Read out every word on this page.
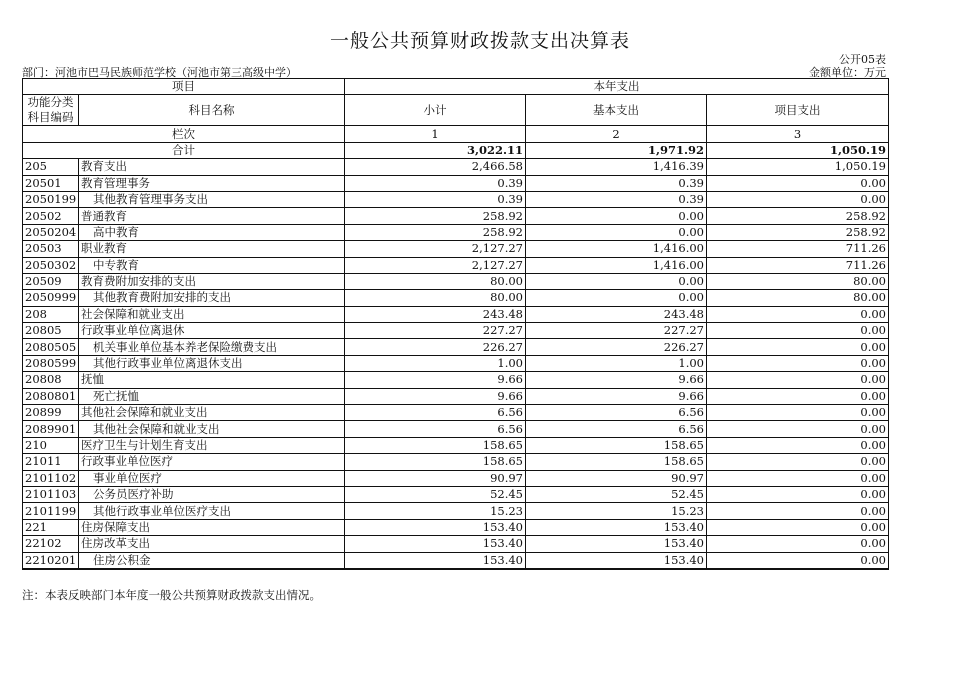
一般公共预算财政拨款支出决算表
公开05表
部门：河池市巴马民族师范学校（河池市第三高级中学）	金额单位：万元
项目		本年支出		
功能分类科目编码	科目名称	小计	基本支出	项目支出
栏次		1	2	3
合计		3,022.11	1,971.92	1,050.19
205	教育支出	2,466.58	1,416.39	1,050.19
20501	教育管理事务	0.39	0.39	0.00
2050199	其他教育管理事务支出	0.39	0.39	0.00
20502	普通教育	258.92	0.00	258.92
2050204	高中教育	258.92	0.00	258.92
20503	职业教育	2,127.27	1,416.00	711.26
2050302	中专教育	2,127.27	1,416.00	711.26
20509	教育费附加安排的支出	80.00	0.00	80.00
2050999	其他教育费附加安排的支出	80.00	0.00	80.00
208	社会保障和就业支出	243.48	243.48	0.00
20805	行政事业单位离退休	227.27	227.27	0.00
2080505	机关事业单位基本养老保险缴费支出	226.27	226.27	0.00
2080599	其他行政事业单位离退休支出	1.00	1.00	0.00
20808	抚恤	9.66	9.66	0.00
2080801	死亡抚恤	9.66	9.66	0.00
20899	其他社会保障和就业支出	6.56	6.56	0.00
2089901	其他社会保障和就业支出	6.56	6.56	0.00
210	医疗卫生与计划生育支出	158.65	158.65	0.00
21011	行政事业单位医疗	158.65	158.65	0.00
2101102	事业单位医疗	90.97	90.97	0.00
2101103	公务员医疗补助	52.45	52.45	0.00
2101199	其他行政事业单位医疗支出	15.23	15.23	0.00
221	住房保障支出	153.40	153.40	0.00
22102	住房改革支出	153.40	153.40	0.00
2210201	住房公积金	153.40	153.40	0.00
注：本表反映部门本年度一般公共预算财政拨款支出情况。
